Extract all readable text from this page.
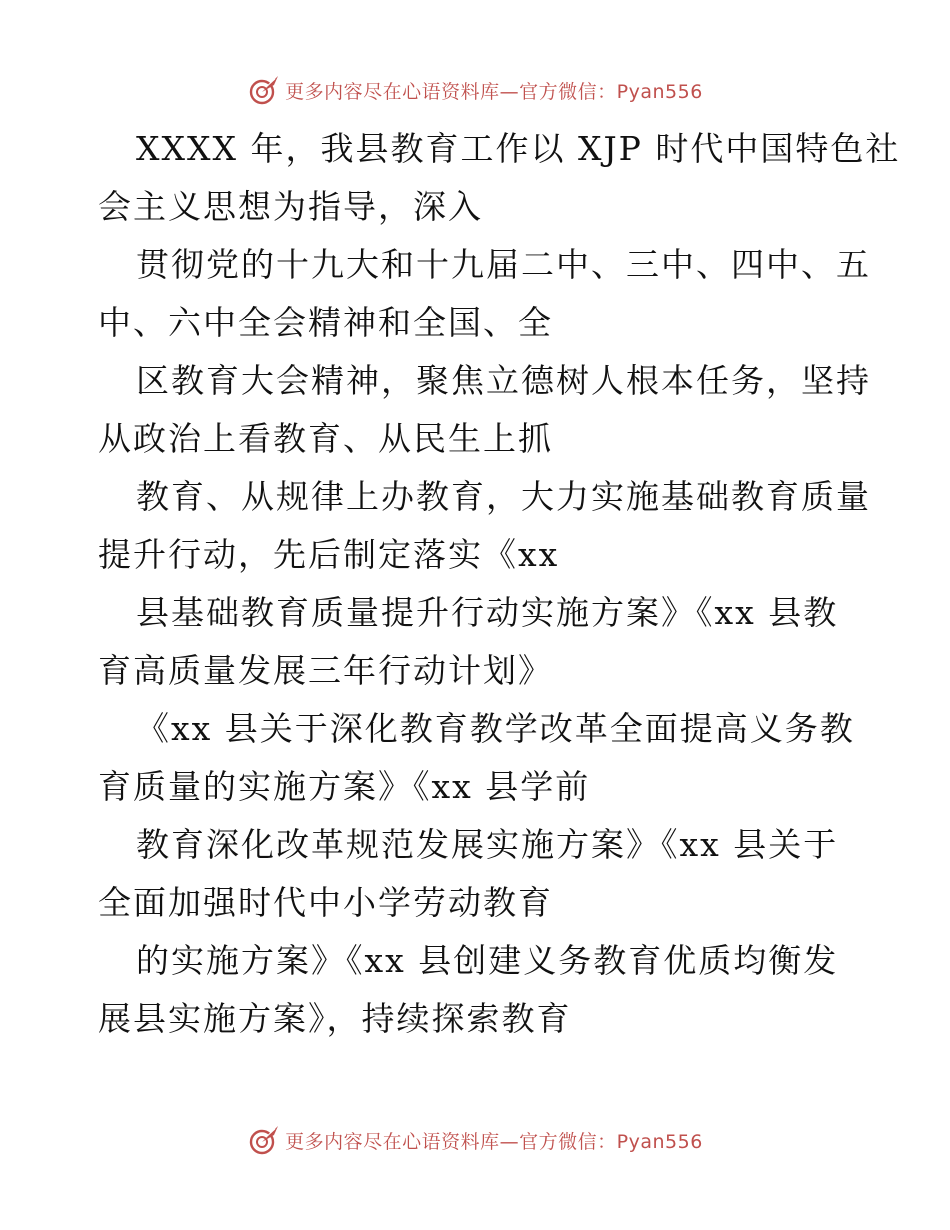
更多内容尽在心语资料库—官方微信：Pyan556
XXXX 年，我县教育工作以 XJP 时代中国特色社
会主义思想为指导，深入
贯彻党的十九大和十九届二中、三中、四中、五
中、六中全会精神和全国、全
区教育大会精神，聚焦立德树人根本任务，坚持
从政治上看教育、从民生上抓
教育、从规律上办教育，大力实施基础教育质量
提升行动，先后制定落实《xx
县基础教育质量提升行动实施方案》《xx 县教
育高质量发展三年行动计划》
《xx 县关于深化教育教学改革全面提高义务教
育质量的实施方案》《xx 县学前
教育深化改革规范发展实施方案》《xx 县关于
全面加强时代中小学劳动教育
的实施方案》《xx 县创建义务教育优质均衡发
展县实施方案》，持续探索教育
更多内容尽在心语资料库—官方微信：Pyan556
